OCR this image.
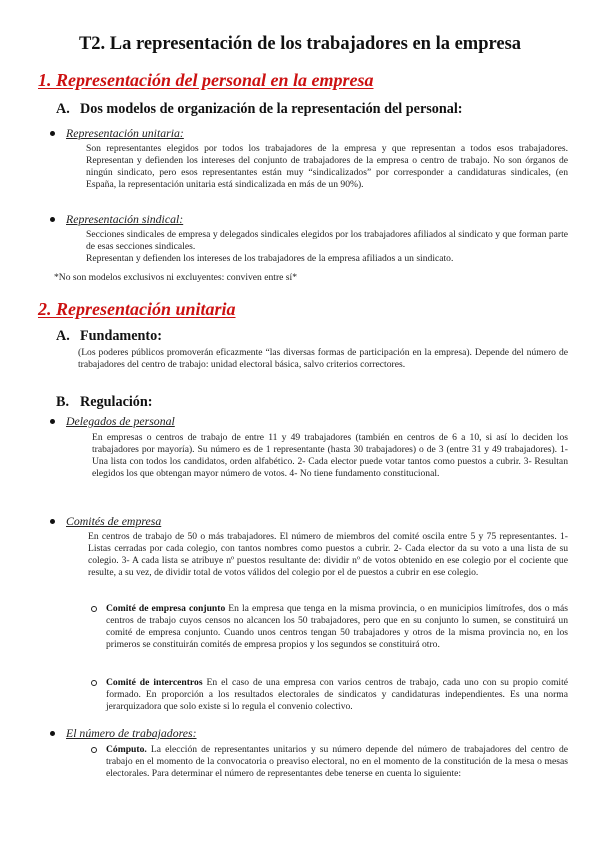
T2. La representación de los trabajadores en la empresa
1. Representación del personal en la empresa
A. Dos modelos de organización de la representación del personal:
Representación unitaria:
Son representantes elegidos por todos los trabajadores de la empresa y que representan a todos esos trabajadores. Representan y defienden los intereses del conjunto de trabajadores de la empresa o centro de trabajo. No son órganos de ningún sindicato, pero esos representantes están muy “sindicalizados” por corresponder a candidaturas sindicales, (en España, la representación unitaria está sindicalizada en más de un 90%).
Representación sindical:
Secciones sindicales de empresa y delegados sindicales elegidos por los trabajadores afiliados al sindicato y que forman parte de esas secciones sindicales.
Representan y defienden los intereses de los trabajadores de la empresa afiliados a un sindicato.
*No son modelos exclusivos ni excluyentes: conviven entre sí*
2. Representación unitaria
A. Fundamento:
(Los poderes públicos promoverán eficazmente “las diversas formas de participación en la empresa). Depende del número de trabajadores del centro de trabajo: unidad electoral básica, salvo criterios correctores.
B. Regulación:
Delegados de personal
En empresas o centros de trabajo de entre 11 y 49 trabajadores (también en centros de 6 a 10, si así lo deciden los trabajadores por mayoría). Su número es de 1 representante (hasta 30 trabajadores) o de 3 (entre 31 y 49 trabajadores). 1- Una lista con todos los candidatos, orden alfabético. 2- Cada elector puede votar tantos como puestos a cubrir. 3- Resultan elegidos los que obtengan mayor número de votos. 4- No tiene fundamento constitucional.
Comités de empresa
En centros de trabajo de 50 o más trabajadores. El número de miembros del comité oscila entre 5 y 75 representantes. 1- Listas cerradas por cada colegio, con tantos nombres como puestos a cubrir. 2- Cada elector da su voto a una lista de su colegio. 3- A cada lista se atribuye nº puestos resultante de: dividir nº de votos obtenido en ese colegio por el cociente que resulte, a su vez, de dividir total de votos válidos del colegio por el de puestos a cubrir en ese colegio.
Comité de empresa conjunto En la empresa que tenga en la misma provincia, o en municipios limítrofes, dos o más centros de trabajo cuyos censos no alcancen los 50 trabajadores, pero que en su conjunto lo sumen, se constituirá un comité de empresa conjunto. Cuando unos centros tengan 50 trabajadores y otros de la misma provincia no, en los primeros se constituirán comités de empresa propios y los segundos se constituirá otro.
Comité de intercentros En el caso de una empresa con varios centros de trabajo, cada uno con su propio comité formado. En proporción a los resultados electorales de sindicatos y candidaturas independientes. Es una norma jerarquizadora que solo existe si lo regula el convenio colectivo.
El número de trabajadores:
Cómputo. La elección de representantes unitarios y su número depende del número de trabajadores del centro de trabajo en el momento de la convocatoria o preaviso electoral, no en el momento de la constitución de la mesa o mesas electorales. Para determinar el número de representantes debe tenerse en cuenta lo siguiente:
